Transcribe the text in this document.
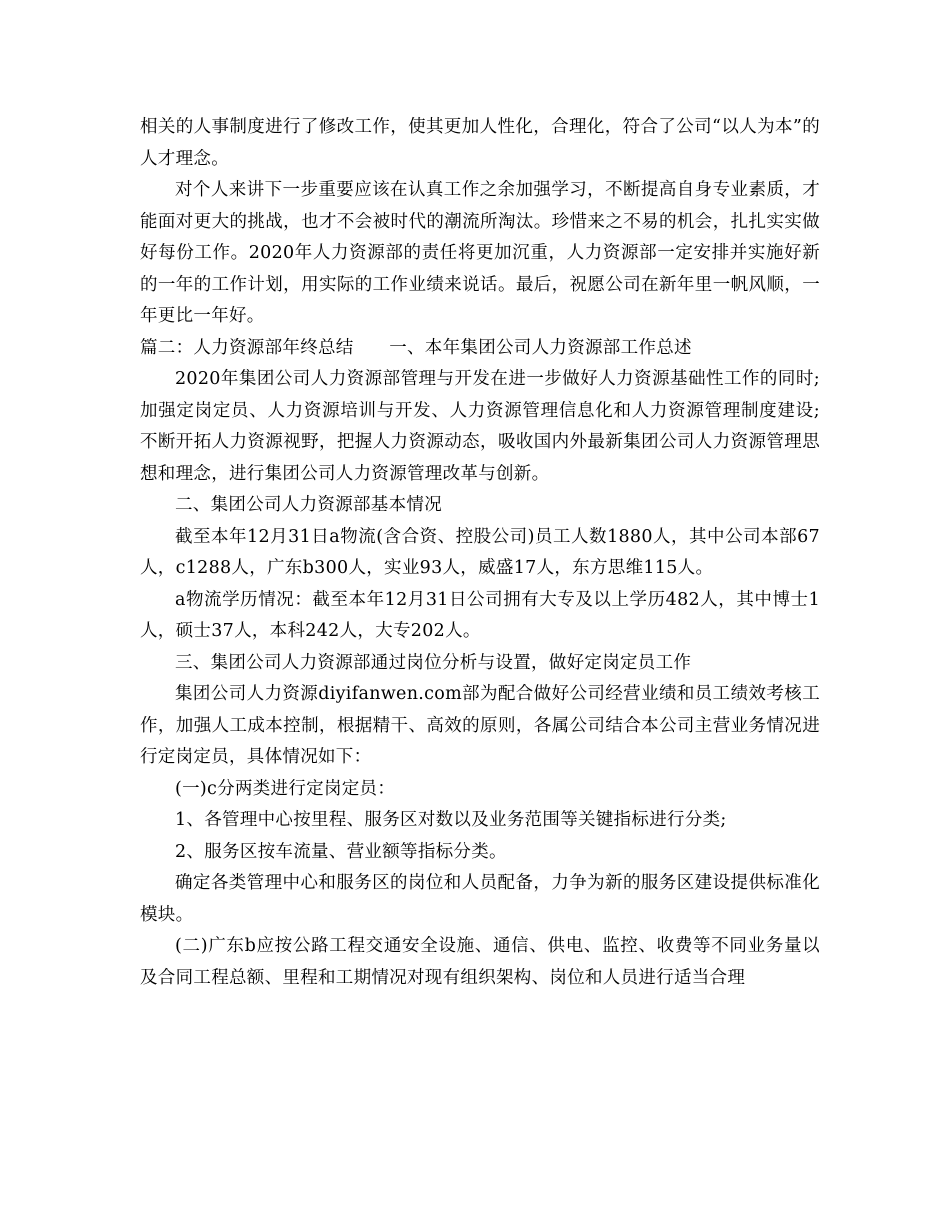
相关的人事制度进行了修改工作，使其更加人性化，合理化，符合了公司“以人为本”的人才理念。

对个人来讲下一步重要应该在认真工作之余加强学习，不断提高自身专业素质，才能面对更大的挑战，也才不会被时代的潮流所淘汰。珍惜来之不易的机会，扎扎实实做好每份工作。2020年人力资源部的责任将更加沉重，人力资源部一定安排并实施好新的一年的工作计划，用实际的工作业绩来说话。最后，祝愿公司在新年里一帆风顺，一年更比一年好。

篇二：人力资源部年终总结　　一、本年集团公司人力资源部工作总述

2020年集团公司人力资源部管理与开发在进一步做好人力资源基础性工作的同时;加强定岗定员、人力资源培训与开发、人力资源管理信息化和人力资源管理制度建设;不断开拓人力资源视野，把握人力资源动态，吸收国内外最新集团公司人力资源管理思想和理念，进行集团公司人力资源管理改革与创新。

二、集团公司人力资源部基本情况

截至本年12月31日a物流(含合资、控股公司)员工人数1880人，其中公司本部67人，c1288人，广东b300人，实业93人，威盛17人，东方思维115人。

a物流学历情况：截至本年12月31日公司拥有大专及以上学历482人，其中博士1人，硕士37人，本科242人，大专202人。

三、集团公司人力资源部通过岗位分析与设置，做好定岗定员工作

集团公司人力资源diyifanwen.com部为配合做好公司经营业绩和员工绩效考核工作，加强人工成本控制，根据精干、高效的原则，各属公司结合本公司主营业务情况进行定岗定员，具体情况如下：

(一)c分两类进行定岗定员：

1、各管理中心按里程、服务区对数以及业务范围等关键指标进行分类;

2、服务区按车流量、营业额等指标分类。

确定各类管理中心和服务区的岗位和人员配备，力争为新的服务区建设提供标准化模块。

(二)广东b应按公路工程交通安全设施、通信、供电、监控、收费等不同业务量以及合同工程总额、里程和工期情况对现有组织架构、岗位和人员进行适当合理
